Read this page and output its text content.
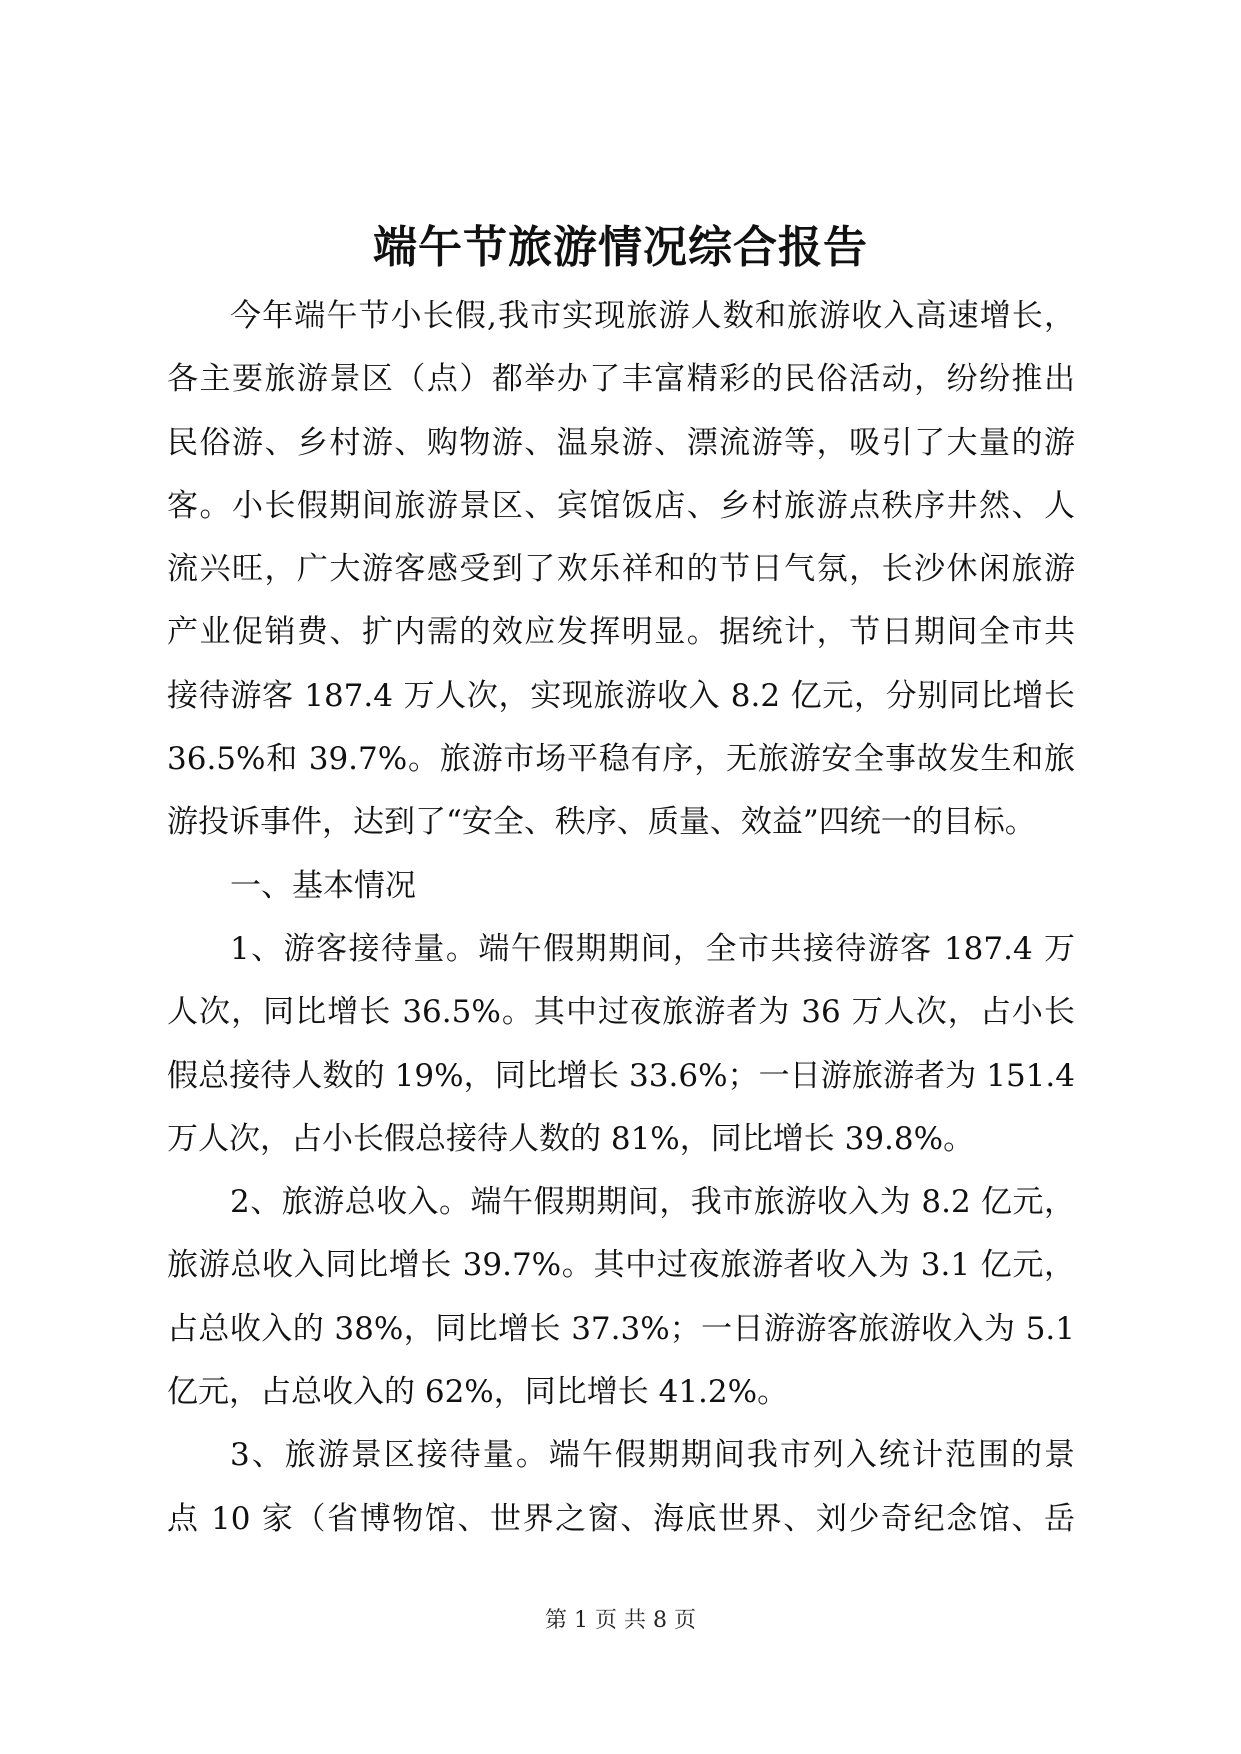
端午节旅游情况综合报告
今年端午节小长假,我市实现旅游人数和旅游收入高速增长，
各主要旅游景区（点）都举办了丰富精彩的民俗活动，纷纷推出
民俗游、乡村游、购物游、温泉游、漂流游等，吸引了大量的游
客。小长假期间旅游景区、宾馆饭店、乡村旅游点秩序井然、人
流兴旺，广大游客感受到了欢乐祥和的节日气氛，长沙休闲旅游
产业促销费、扩内需的效应发挥明显。据统计，节日期间全市共
接待游客 187.4 万人次，实现旅游收入 8.2 亿元，分别同比增长
36.5%和 39.7%。旅游市场平稳有序，无旅游安全事故发生和旅
游投诉事件，达到了“安全、秩序、质量、效益”四统一的目标。
一、基本情况
1、游客接待量。端午假期期间，全市共接待游客 187.4 万
人次，同比增长 36.5%。其中过夜旅游者为 36 万人次，占小长
假总接待人数的 19%，同比增长 33.6%；一日游旅游者为 151.4
万人次，占小长假总接待人数的 81%，同比增长 39.8%。
2、旅游总收入。端午假期期间，我市旅游收入为 8.2 亿元，
旅游总收入同比增长 39.7%。其中过夜旅游者收入为 3.1 亿元，
占总收入的 38%，同比增长 37.3%；一日游游客旅游收入为 5.1
亿元，占总收入的 62%，同比增长 41.2%。
3、旅游景区接待量。端午假期期间我市列入统计范围的景
点 10 家（省博物馆、世界之窗、海底世界、刘少奇纪念馆、岳
第 1 页 共 8 页
